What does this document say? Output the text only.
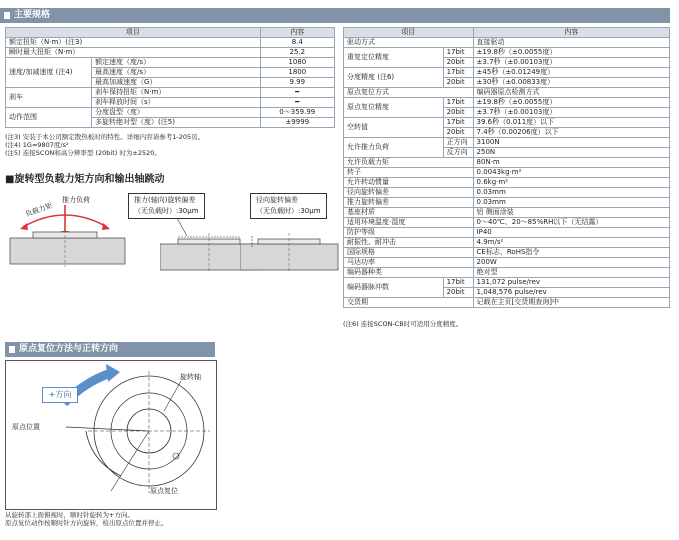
主要规格
项目		内容
额定扭矩（N·m）(注3)		8.4
瞬时最大扭矩（N·m）		25.2
速度/加减速度 (注4)	额定速度（度/s）	1080
	最高速度（度/s）	1800
	最高加减速度（G）	9.99
刹车	刹车保持扭矩（N·m）	━
	刹车释放时间（s）	━
动作范围	分度盘型（度）	0～359.99
	多旋转绝对型（度）(注5)	±9999
(注3) 安装于本公司额定散热板时的特性。详细内容请参考1-205页。
(注4) 1G≈9807度/s²
(注5) 连接SCON和高分辨率型 (20bit) 时为±2520。
■旋转型负载力矩方向和输出轴跳动
负载力矩
推力负荷	推力(轴向)旋转偏差
（无负载时）:30μm
径向旋转偏差
（无负载时）:30μm
项目		内容
驱动方式		直接驱动
重复定位精度	17bit	±19.8秒（±0.0055度）
	20bit	±3.7秒（±0.00103度）
分度精度 (注6)	17bit	±45秒（±0.01249度）
	20bit	±30秒（±0.00833度）
原点复位方式		编码器原点检测方式
原点复位精度	17bit	±19.8秒（±0.0055度）
	20bit	±3.7秒（±0.00103度）
空转值	17bit	39.6秒（0.011度）以下
	20bit	7.4秒（0.00206度）以下
允许推力负荷	正方向	3100N
	反方向	250N
允许负载力矩		80N·m
转子		0.0043kg·m²
允许转动惯量		0.6kg·m²
径向旋转偏差		0.03mm
推力旋转偏差		0.03mm
基座材质		铝 侧面涂装
适用环境温度·湿度		0～40℃、20～85%RH以下（无结露）
防护等级		IP40
耐振性、耐冲击		4.9m/s²
国际规格		CE标志、RoHS指令
马达功率		200W
编码器种类		绝对型
编码器脉冲数	17bit	131,072 pulse/rev
	20bit	1,048,576 pulse/rev
交货期		记载在主页[交货期查询]中
(注6) 连接SCON-CB时可适用分度精度。
原点复位方法与正转方向
+方向
旋转轴
原点位置
原点复位
从旋转部上面俯视时，顺时针旋转为+方向。
原点复位动作按顺时针方向旋转，检出原点位置并停止。
